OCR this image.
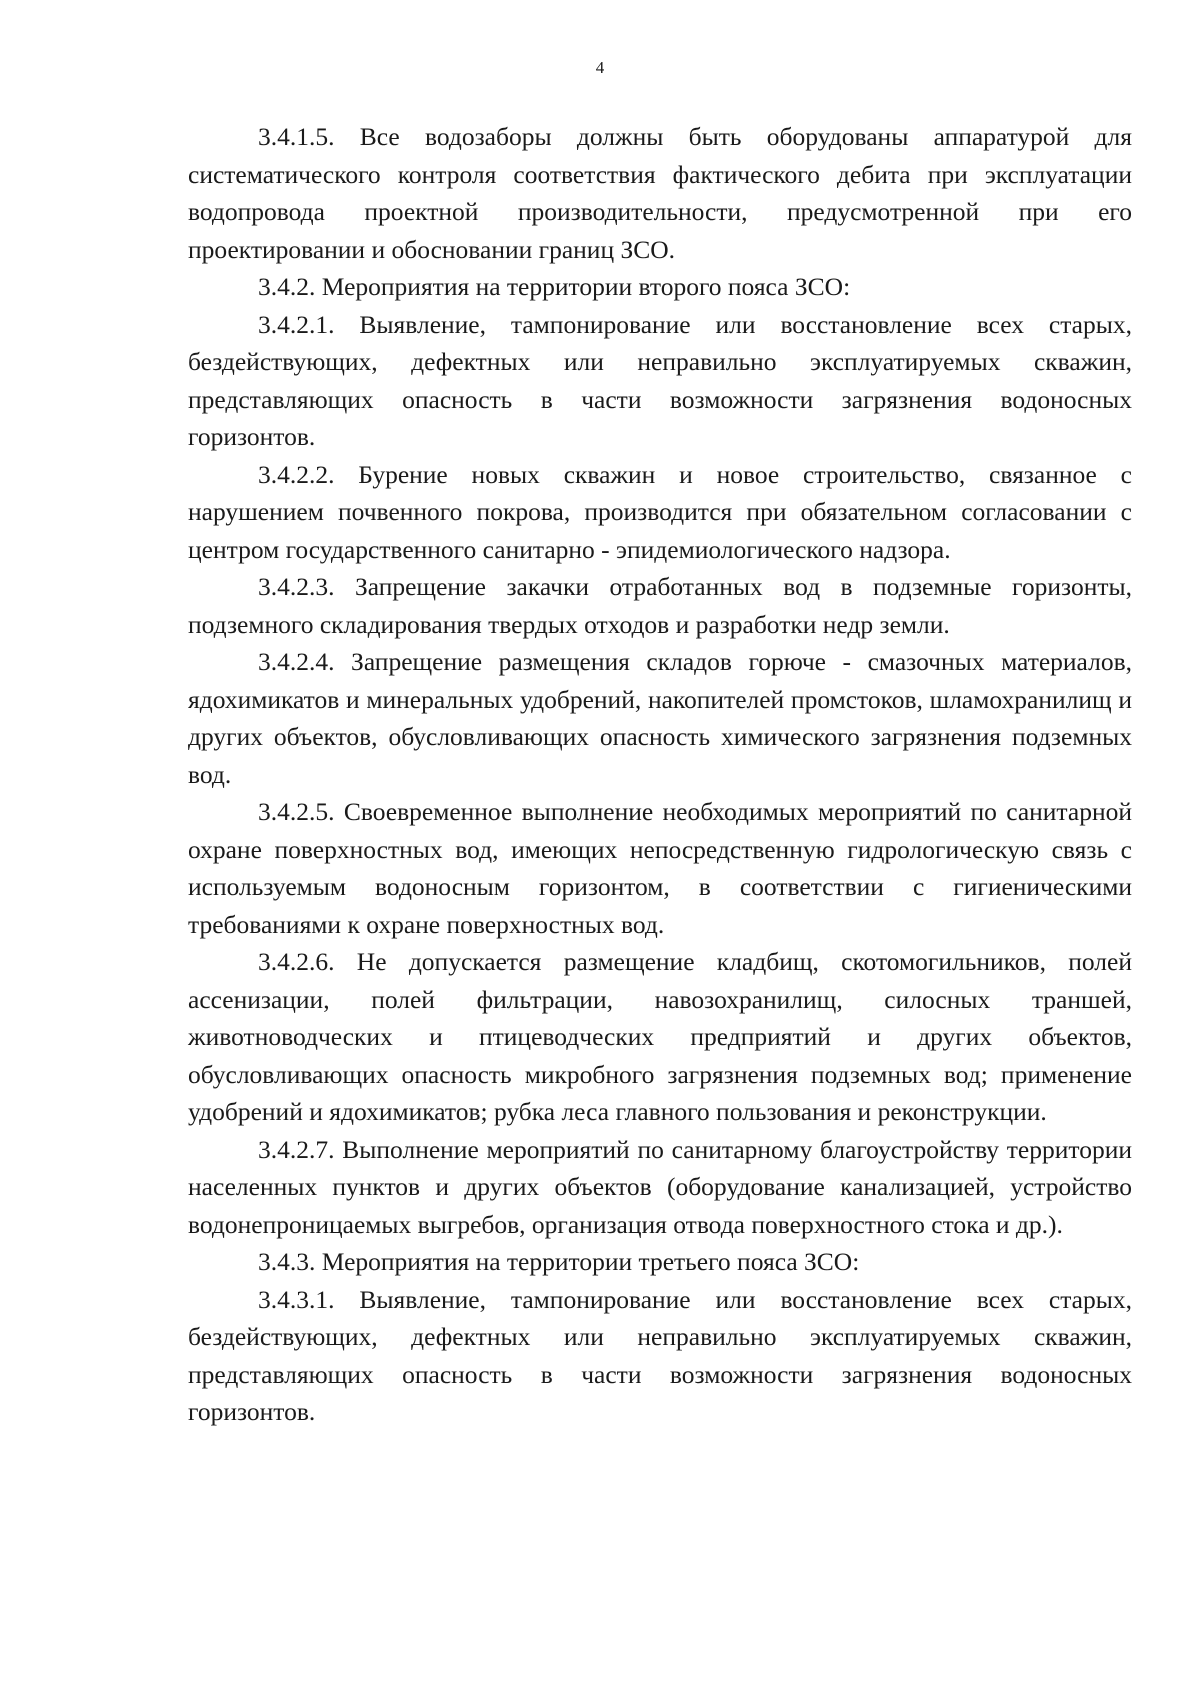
4

3.4.1.5. Все водозаборы должны быть оборудованы аппаратурой для систематического контроля соответствия фактического дебита при эксплуатации водопровода проектной производительности, предусмотренной при его проектировании и обосновании границ ЗСО.

3.4.2. Мероприятия на территории второго пояса ЗСО:

3.4.2.1. Выявление, тампонирование или восстановление всех старых, бездействующих, дефектных или неправильно эксплуатируемых скважин, представляющих опасность в части возможности загрязнения водоносных горизонтов.

3.4.2.2. Бурение новых скважин и новое строительство, связанное с нарушением почвенного покрова, производится при обязательном согласовании с центром государственного санитарно - эпидемиологического надзора.

3.4.2.3. Запрещение закачки отработанных вод в подземные горизонты, подземного складирования твердых отходов и разработки недр земли.

3.4.2.4. Запрещение размещения складов горюче - смазочных материалов, ядохимикатов и минеральных удобрений, накопителей промстоков, шламохранилищ и других объектов, обусловливающих опасность химического загрязнения подземных вод.

3.4.2.5. Своевременное выполнение необходимых мероприятий по санитарной охране поверхностных вод, имеющих непосредственную гидрологическую связь с используемым водоносным горизонтом, в соответствии с гигиеническими требованиями к охране поверхностных вод.

3.4.2.6. Не допускается размещение кладбищ, скотомогильников, полей ассенизации, полей фильтрации, навозохранилищ, силосных траншей, животноводческих и птицеводческих предприятий и других объектов, обусловливающих опасность микробного загрязнения подземных вод; применение удобрений и ядохимикатов; рубка леса главного пользования и реконструкции.

3.4.2.7. Выполнение мероприятий по санитарному благоустройству территории населенных пунктов и других объектов (оборудование канализацией, устройство водонепроницаемых выгребов, организация отвода поверхностного стока и др.).

3.4.3. Мероприятия на территории третьего пояса ЗСО:

3.4.3.1. Выявление, тампонирование или восстановление всех старых, бездействующих, дефектных или неправильно эксплуатируемых скважин, представляющих опасность в части возможности загрязнения водоносных горизонтов.
